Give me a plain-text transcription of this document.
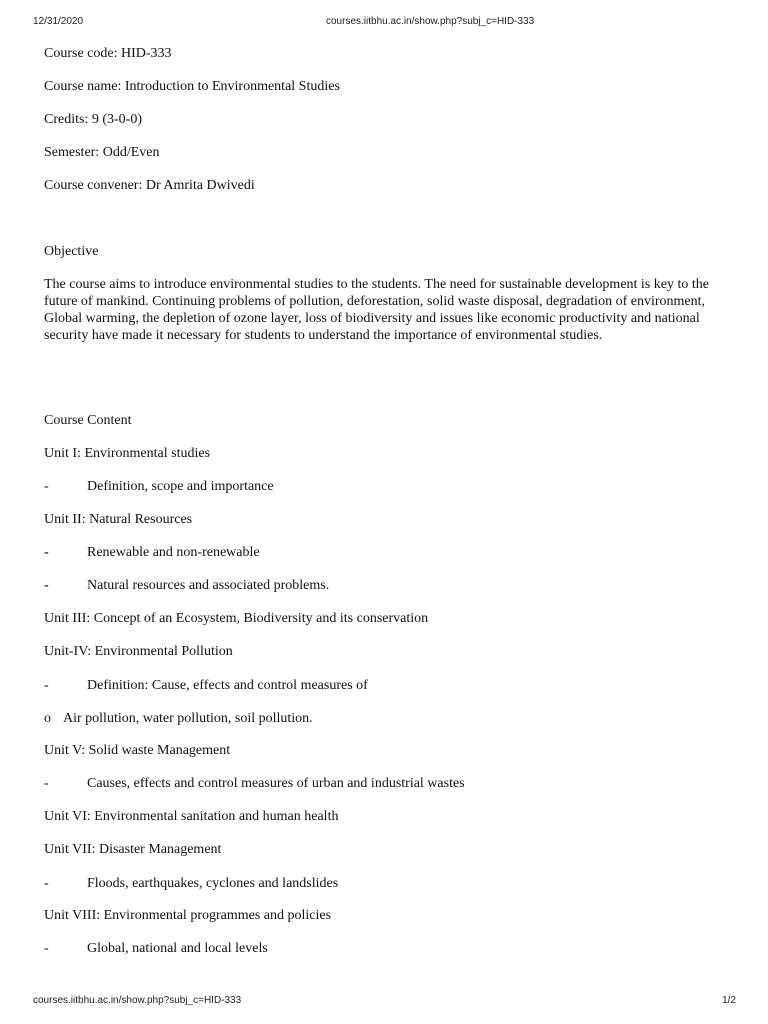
12/31/2020	courses.iitbhu.ac.in/show.php?subj_c=HID-333
Course code: HID-333
Course name: Introduction to Environmental Studies
Credits: 9 (3-0-0)
Semester: Odd/Even
Course convener: Dr Amrita Dwivedi
Objective
The course aims to introduce environmental studies to the students. The need for sustainable development is key to the future of mankind. Continuing problems of pollution, deforestation, solid waste disposal, degradation of environment, Global warming, the depletion of ozone layer, loss of biodiversity and issues like economic productivity and national security have made it necessary for students to understand the importance of environmental studies.
Course Content
Unit I: Environmental studies
-	Definition, scope and importance
Unit II: Natural Resources
-	Renewable and non-renewable
-	Natural resources and associated problems.
Unit III: Concept of an Ecosystem, Biodiversity and its conservation
Unit-IV: Environmental Pollution
-	Definition: Cause, effects and control measures of
o Air pollution, water pollution, soil pollution.
Unit V: Solid waste Management
-	Causes, effects and control measures of urban and industrial wastes
Unit VI: Environmental sanitation and human health
Unit VII: Disaster Management
-	Floods, earthquakes, cyclones and landslides
Unit VIII: Environmental programmes and policies
-	Global, national and local levels
courses.iitbhu.ac.in/show.php?subj_c=HID-333	1/2
